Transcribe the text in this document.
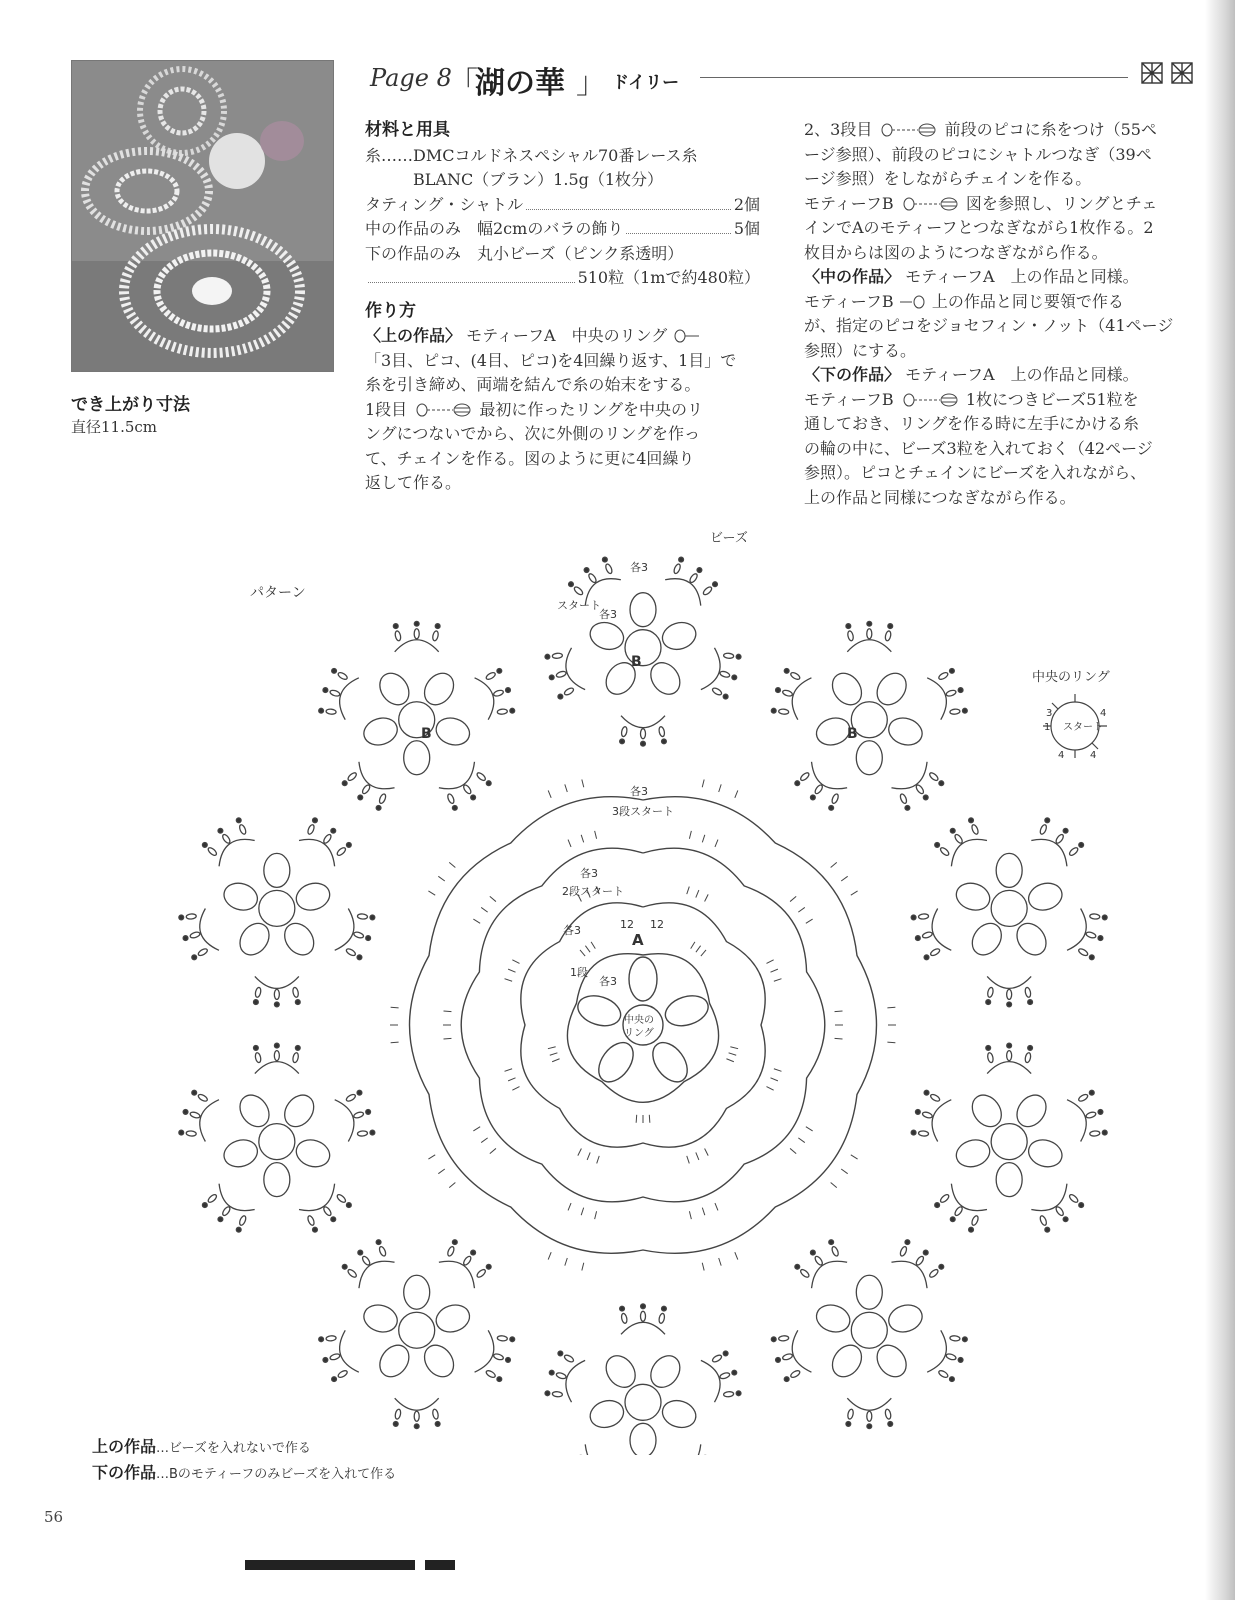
でき上がり寸法
直径11.5cm
Page 8
「
湖の華 」 ドイリー
材料と用具
糸……DMCコルドネスペシャル70番レース糸
BLANC（ブラン）1.5g（1枚分）
タティング・シャトル	2個
中の作品のみ　幅2cmのバラの飾り	5個
下の作品のみ　丸小ビーズ（ピンク系透明）
510粒（1mで約480粒）
作り方
〈上の作品〉 モティーフA　中央のリング
「3目、ピコ、(4目、ピコ)を4回繰り返す、1目」で
糸を引き締め、両端を結んで糸の始末をする。
1段目	最初に作ったリングを中央のリ
ングにつないでから、次に外側のリングを作っ
て、チェインを作る。図のように更に4回繰り
返して作る。
2、3段目	前段のピコに糸をつけ（55ペ
ージ参照）、前段のピコにシャトルつなぎ（39ペ
ージ参照）をしながらチェインを作る。
モティーフB	図を参照し、リングとチェ
インでAのモティーフとつなぎながら1枚作る。2
枚目からは図のようにつなぎながら作る。
〈中の作品〉 モティーフA　上の作品と同様。
モティーフB 上の作品と同じ要領で作る
が、指定のピコをジョセフィン・ノット（41ページ
参照）にする。
〈下の作品〉 モティーフA　上の作品と同様。
モティーフB	1枚につきビーズ51粒を
通しておき、リングを作る時に左手にかける糸
の輪の中に、ビーズ3粒を入れておく（42ページ
参照）。ピコとチェインにビーズを入れながら、
上の作品と同様につなぎながら作る。
パターン
ビーズ
中央のリング
スタート
3	4
4	4
1
A
B
B	B
各3
各3
スタート
各3
3段スタート
各3
2段スタート
各3
1段
各3
12 12
中央の
リング
上の作品…ビーズを入れないで作る
下の作品…Bのモティーフのみビーズを入れて作る
56
